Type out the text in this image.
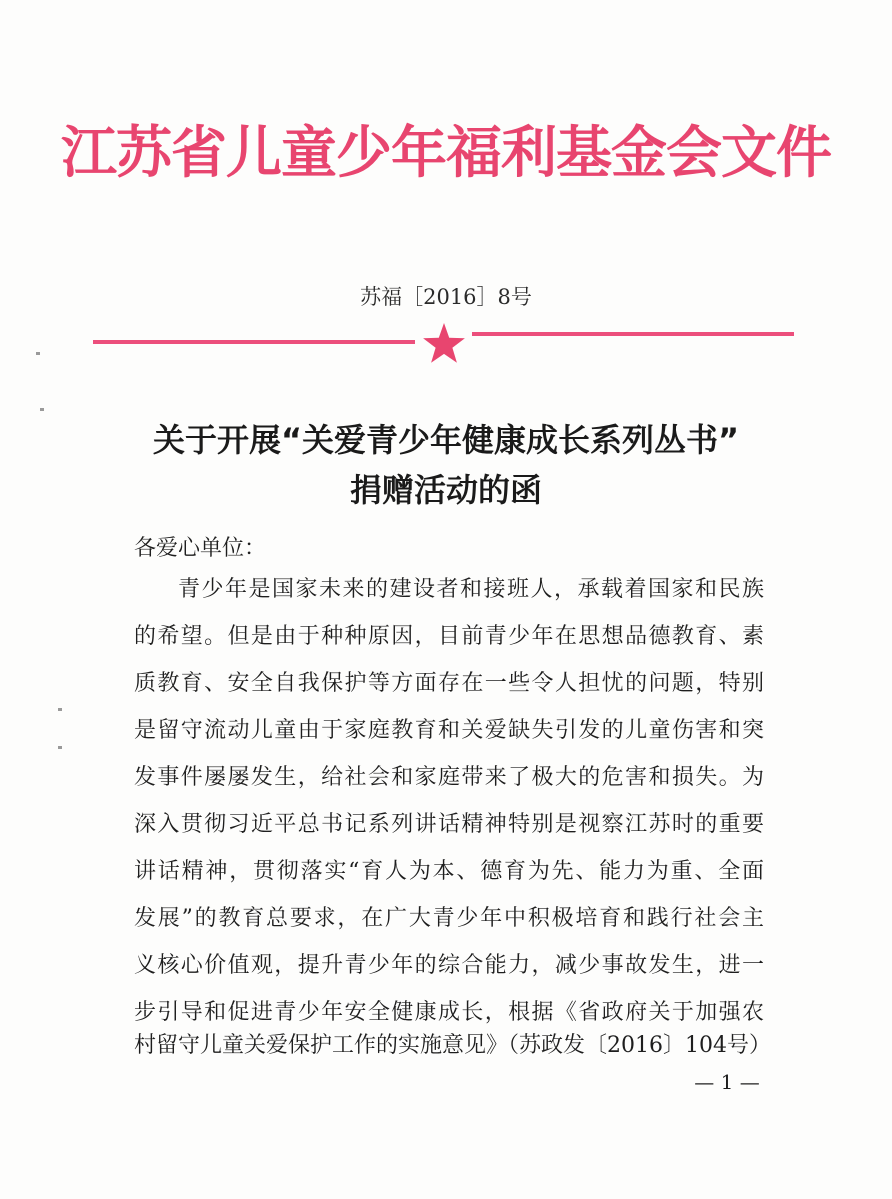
江苏省儿童少年福利基金会文件
苏福［2016］8号
关于开展“关爱青少年健康成长系列丛书”
捐赠活动的函
各爱心单位：
青少年是国家未来的建设者和接班人，承载着国家和民族
的希望。但是由于种种原因，目前青少年在思想品德教育、素
质教育、安全自我保护等方面存在一些令人担忧的问题，特别
是留守流动儿童由于家庭教育和关爱缺失引发的儿童伤害和突
发事件屡屡发生，给社会和家庭带来了极大的危害和损失。为
深入贯彻习近平总书记系列讲话精神特别是视察江苏时的重要
讲话精神，贯彻落实“育人为本、德育为先、能力为重、全面
发展”的教育总要求，在广大青少年中积极培育和践行社会主
义核心价值观，提升青少年的综合能力，减少事故发生，进一
步引导和促进青少年安全健康成长，根据《省政府关于加强农
村留守儿童关爱保护工作的实施意见》（苏政发〔2016〕104号）
— 1 —
